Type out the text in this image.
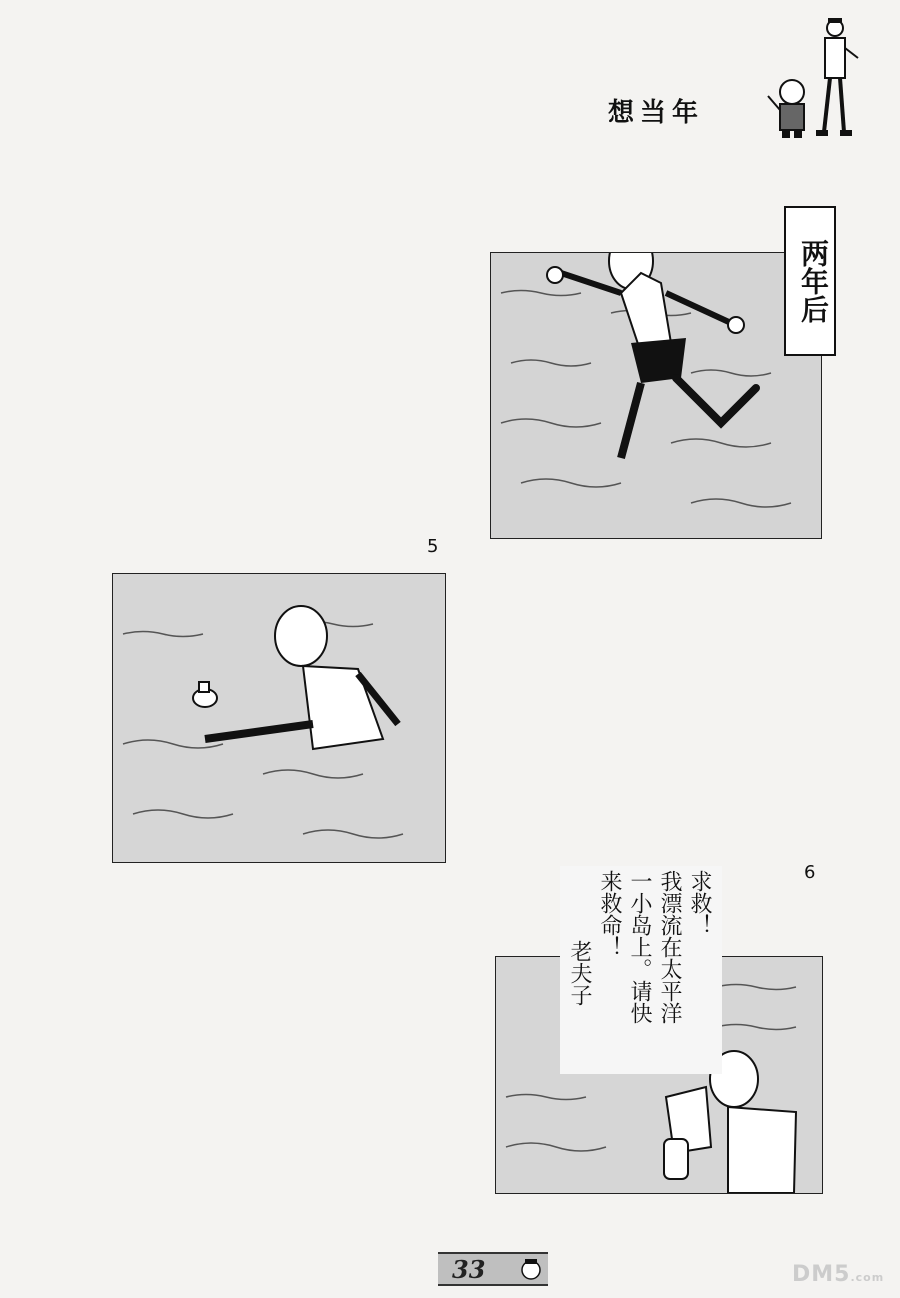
想当年
两年后
5
6
求救！
我漂流在太平洋
一小岛上。请快
来救命！
老夫子
33	DM5.com
